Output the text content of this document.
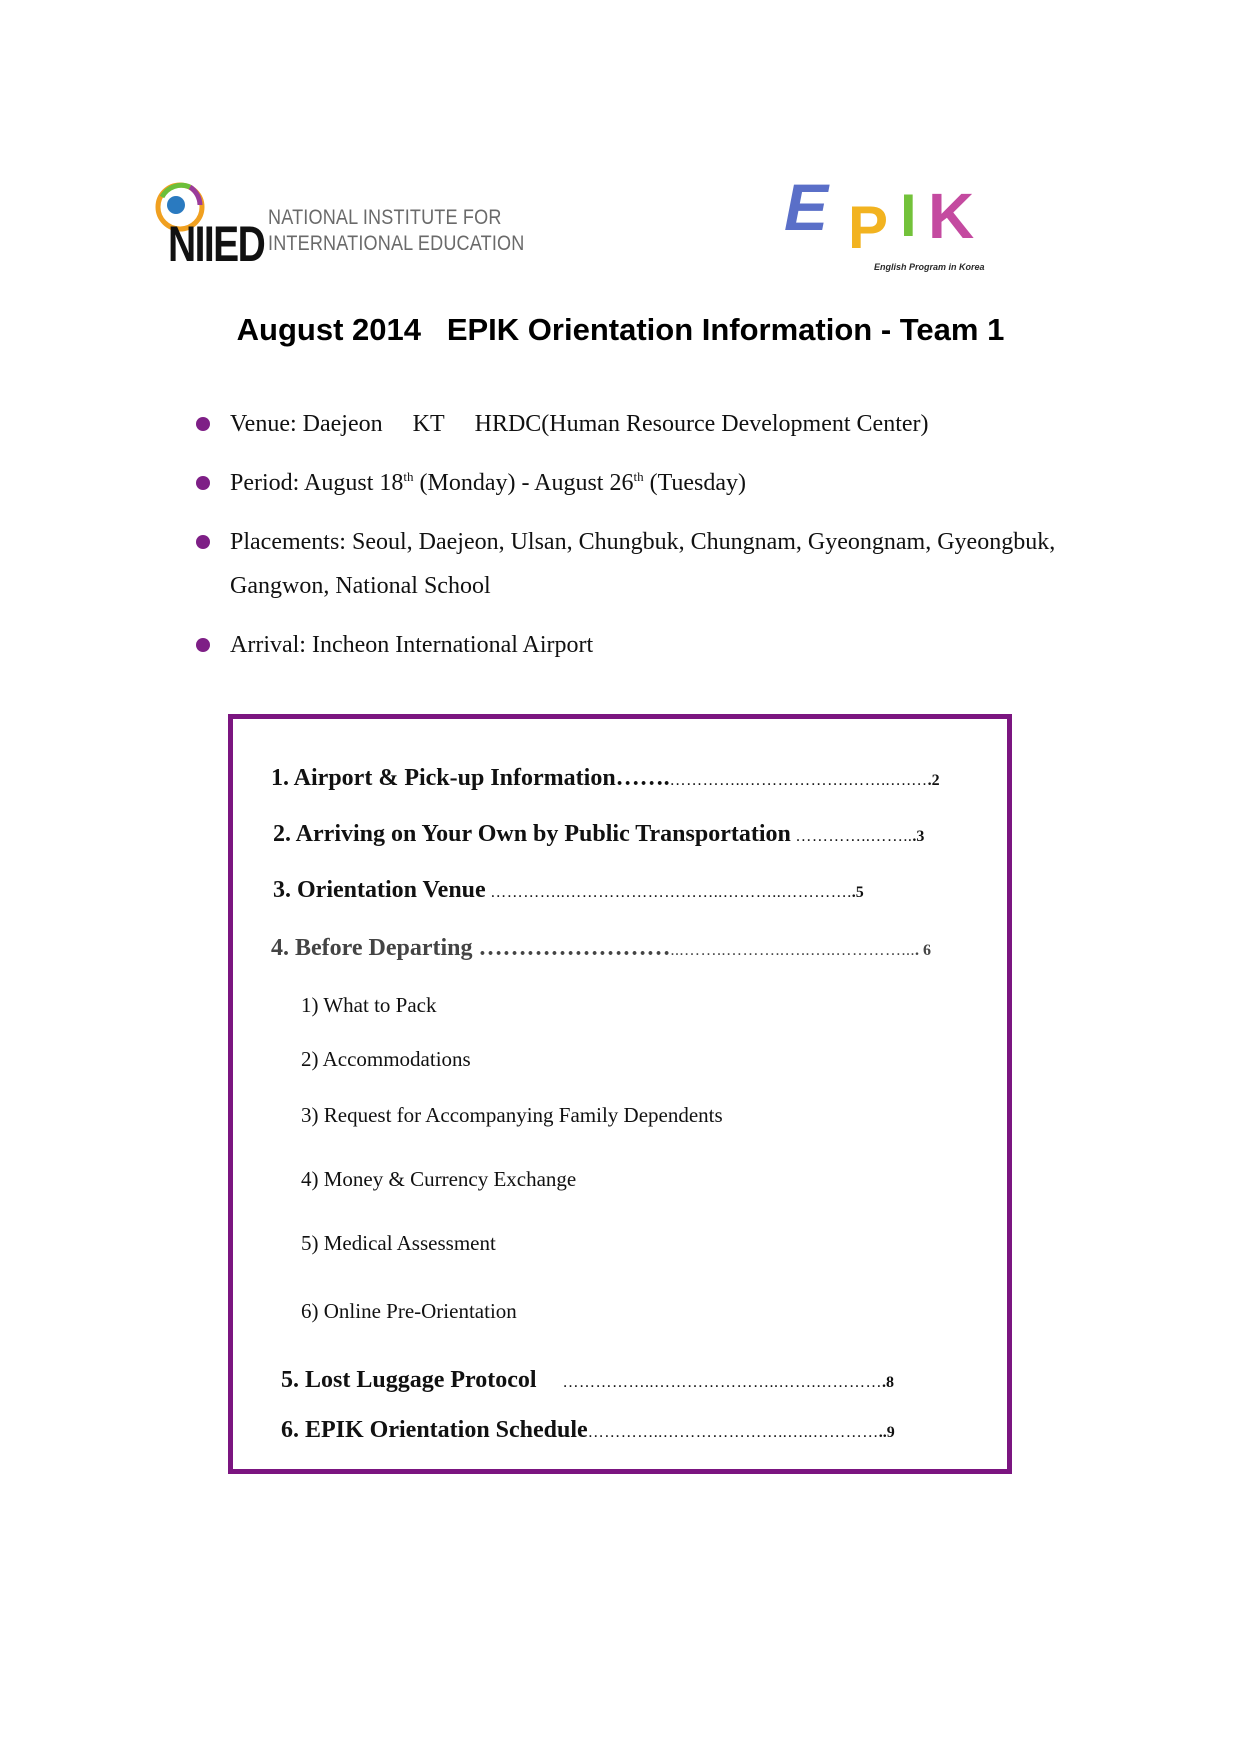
NIIED NATIONAL INSTITUTE FOR
INTERNATIONAL EDUCATION	E P I K
English Program in Korea
August 2014   EPIK Orientation Information - Team 1
Venue: Daejeon KT HRDC(Human Resource Development Center)
Period: August 18th (Monday) - August 26th (Tuesday)
Placements: Seoul, Daejeon, Ulsan, Chungbuk, Chungnam, Gyeongnam, Gyeongbuk, Gangwon, National School
Arrival: Incheon International Airport
1. Airport & Pick-up Information…….…………..……………….……..….….2
2. Arriving on Your Own by Public Transportation …………..……...3
3. Orientation Venue …………..………………………..………..…………..5
4. Before Departing ……………………...……..………..…..…..………….... 6
1) What to Pack
2) Accommodations
3) Request for Accompanying Family Dependents
4) Money & Currency Exchange
5) Medical Assessment
6) Online Pre-Orientation
5. Lost Luggage Protocol ……………..…………………..…….………….8
6. EPIK Orientation Schedule…………..…………………..…..…………..9
